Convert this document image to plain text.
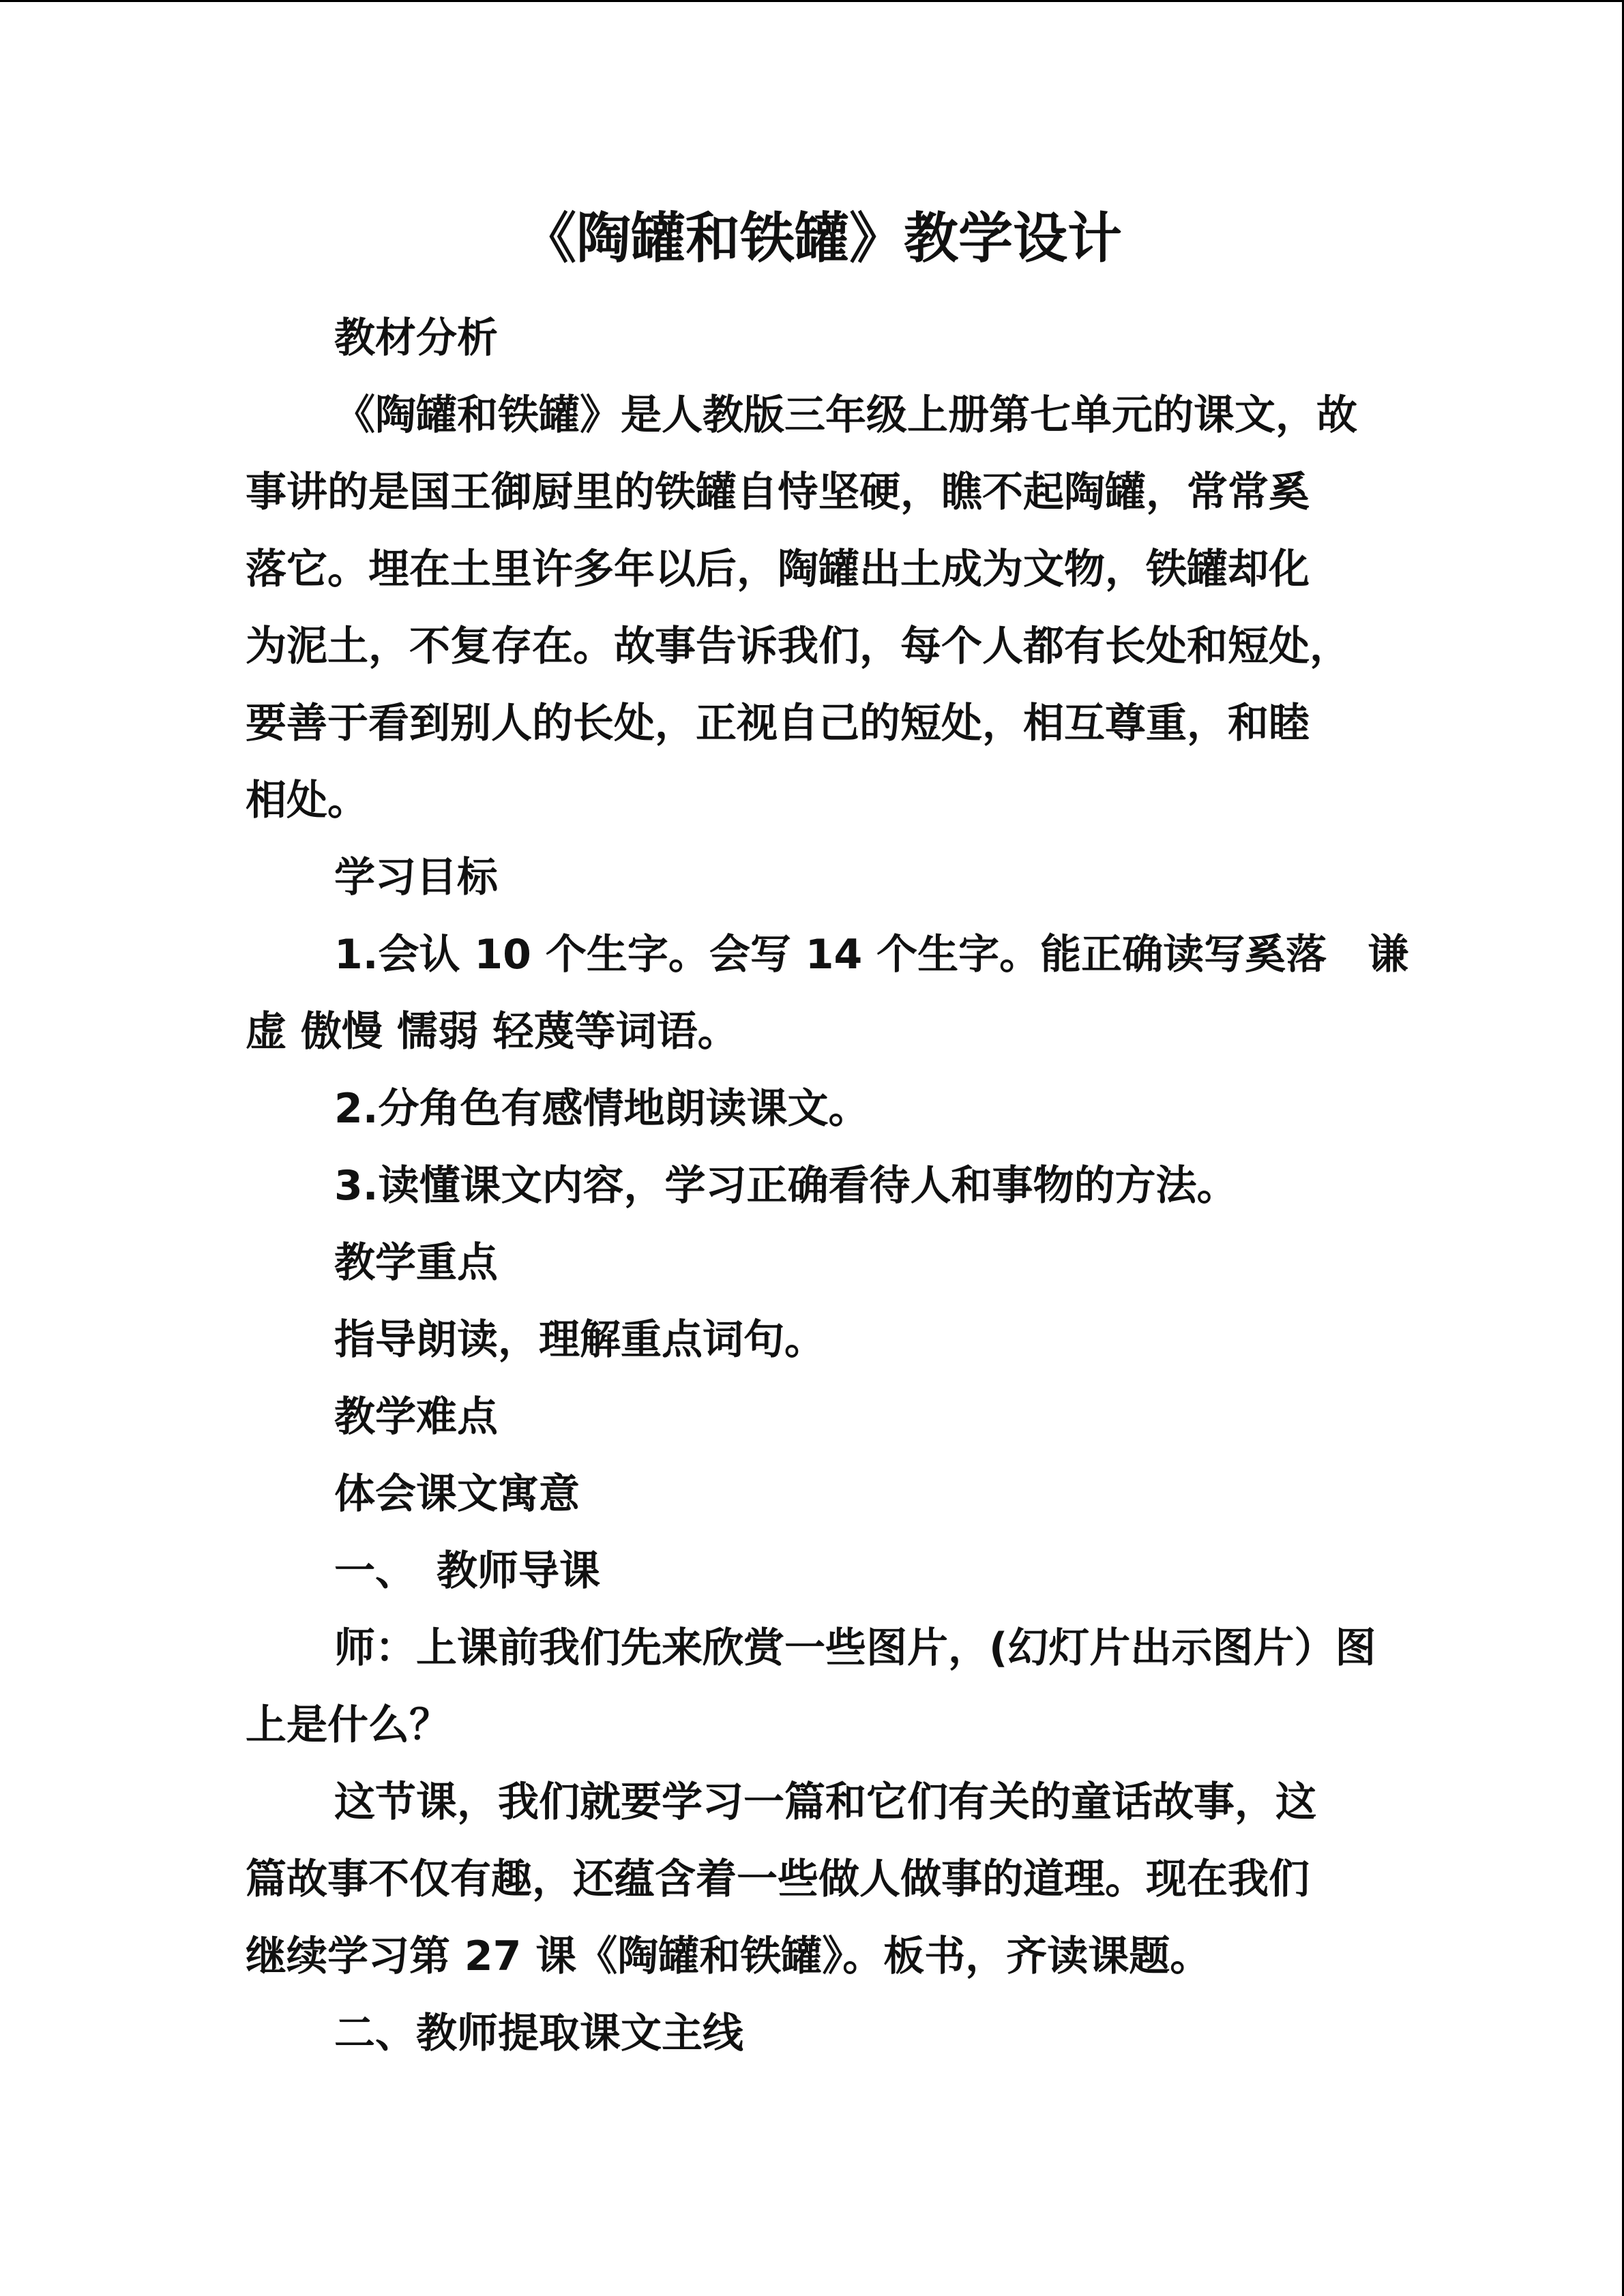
《陶罐和铁罐》教学设计

教材分析

《陶罐和铁罐》是人教版三年级上册第七单元的课文，故

事讲的是国王御厨里的铁罐自恃坚硬，瞧不起陶罐，常常奚

落它。埋在土里许多年以后，陶罐出土成为文物，铁罐却化

为泥土，不复存在。故事告诉我们，每个人都有长处和短处，

要善于看到别人的长处，正视自己的短处，相互尊重，和睦

相处。

学习目标

1.会认 10 个生字。会写 14 个生字。能正确读写奚落　谦

虚 傲慢 懦弱 轻蔑等词语。

2.分角色有感情地朗读课文。

3.读懂课文内容，学习正确看待人和事物的方法。

教学重点

指导朗读，理解重点词句。

教学难点

体会课文寓意

一、　教师导课

师：上课前我们先来欣赏一些图片，(幻灯片出示图片）图

上是什么？

这节课，我们就要学习一篇和它们有关的童话故事，这

篇故事不仅有趣，还蕴含着一些做人做事的道理。现在我们

继续学习第 27 课《陶罐和铁罐》。板书，齐读课题。

二、教师提取课文主线
